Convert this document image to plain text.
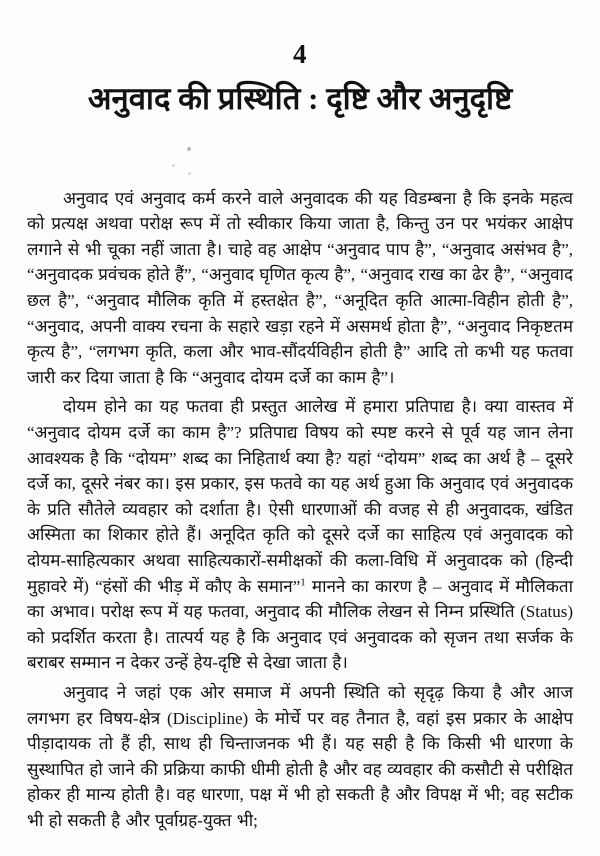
4
अनुवाद की प्रस्थिति : दृष्टि और अनुदृष्टि

अनुवाद एवं अनुवाद कर्म करने वाले अनुवादक की यह विडम्बना है कि इनके महत्व को प्रत्यक्ष अथवा परोक्ष रूप में तो स्वीकार किया जाता है, किन्तु उन पर भयंकर आक्षेप लगाने से भी चूका नहीं जाता है। चाहे वह आक्षेप “अनुवाद पाप है”, “अनुवाद असंभव है”, “अनुवादक प्रवंचक होते हैं”, “अनुवाद घृणित कृत्य है”, “अनुवाद राख का ढेर है”, “अनुवाद छल है”, “अनुवाद मौलिक कृति में हस्तक्षेत है”, “अनूदित कृति आत्मा-विहीन होती है”, “अनुवाद, अपनी वाक्य रचना के सहारे खड़ा रहने में असमर्थ होता है”, “अनुवाद निकृष्टतम कृत्य है”, “लगभग कृति, कला और भाव-सौंदर्यविहीन होती है” आदि तो कभी यह फतवा जारी कर दिया जाता है कि “अनुवाद दोयम दर्जे का काम है”।

दोयम होने का यह फतवा ही प्रस्तुत आलेख में हमारा प्रतिपाद्य है। क्या वास्तव में “अनुवाद दोयम दर्जे का काम है”? प्रतिपाद्य विषय को स्पष्ट करने से पूर्व यह जान लेना आवश्यक है कि “दोयम” शब्द का निहितार्थ क्या है? यहां “दोयम” शब्द का अर्थ है – दूसरे दर्जे का, दूसरे नंबर का। इस प्रकार, इस फतवे का यह अर्थ हुआ कि अनुवाद एवं अनुवादक के प्रति सौतेले व्यवहार को दर्शाता है। ऐसी धारणाओं की वजह से ही अनुवादक, खंडित अस्मिता का शिकार होते हैं। अनूदित कृति को दूसरे दर्जे का साहित्य एवं अनुवादक को दोयम-साहित्यकार अथवा साहित्यकारों-समीक्षकों की कला-विधि में अनुवादक को (हिन्दी मुहावरे में) “हंसों की भीड़ में कौए के समान”$^1$ मानने का कारण है – अनुवाद में मौलिकता का अभाव। परोक्ष रूप में यह फतवा, अनुवाद की मौलिक लेखन से निम्न प्रस्थिति (Status) को प्रदर्शित करता है। तात्पर्य यह है कि अनुवाद एवं अनुवादक को सृजन तथा सर्जक के बराबर सम्मान न देकर उन्हें हेय-दृष्टि से देखा जाता है।

अनुवाद ने जहां एक ओर समाज में अपनी स्थिति को सृदृढ़ किया है और आज लगभग हर विषय-क्षेत्र (Discipline) के मोर्चे पर वह तैनात है, वहां इस प्रकार के आक्षेप पीड़ादायक तो हैं ही, साथ ही चिन्ताजनक भी हैं। यह सही है कि किसी भी धारणा के सुस्थापित हो जाने की प्रक्रिया काफी धीमी होती है और वह व्यवहार की कसौटी से परीक्षित होकर ही मान्य होती है। वह धारणा, पक्ष में भी हो सकती है और विपक्ष में भी; वह सटीक भी हो सकती है और पूर्वाग्रह-युक्त भी;
